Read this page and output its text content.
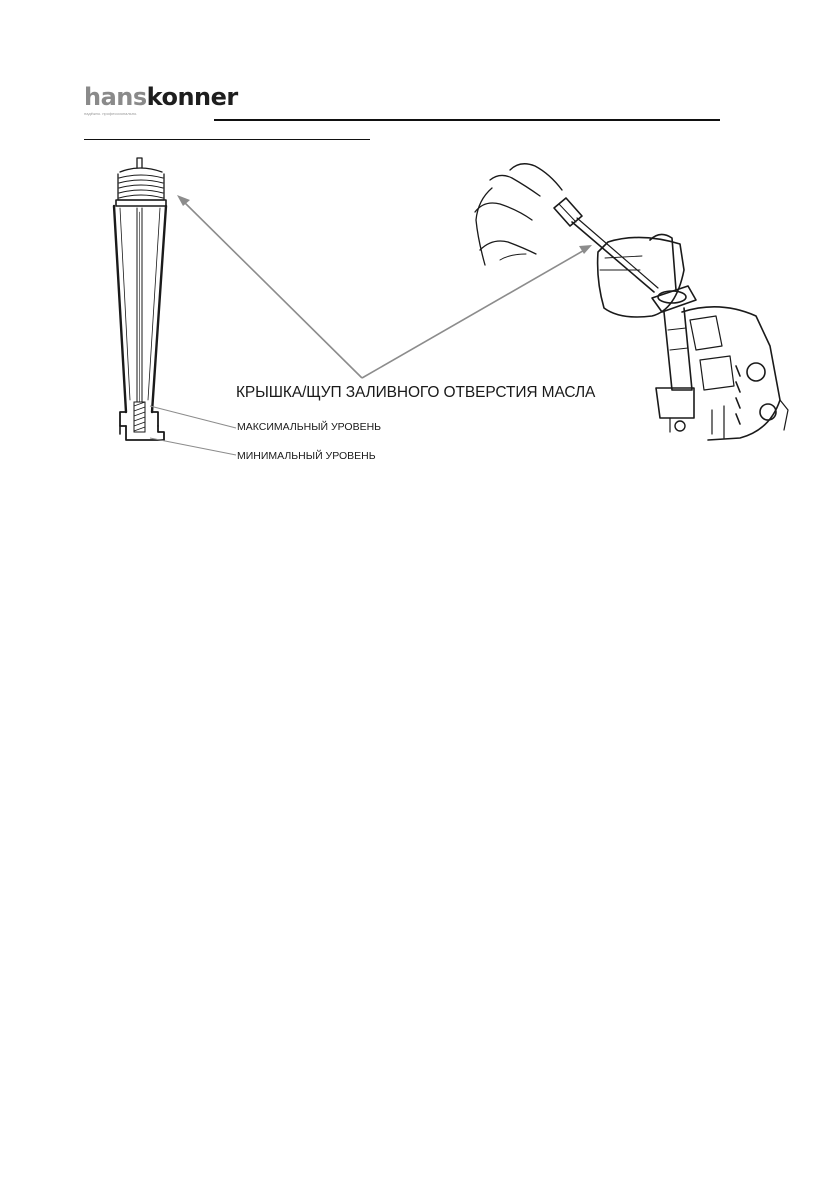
hanskonner
надёжно. профессионально.
КРЫШКА/ЩУП ЗАЛИВНОГО ОТВЕРСТИЯ МАСЛА
МАКСИМАЛЬНЫЙ УРОВЕНЬ
МИНИМАЛЬНЫЙ УРОВЕНЬ
